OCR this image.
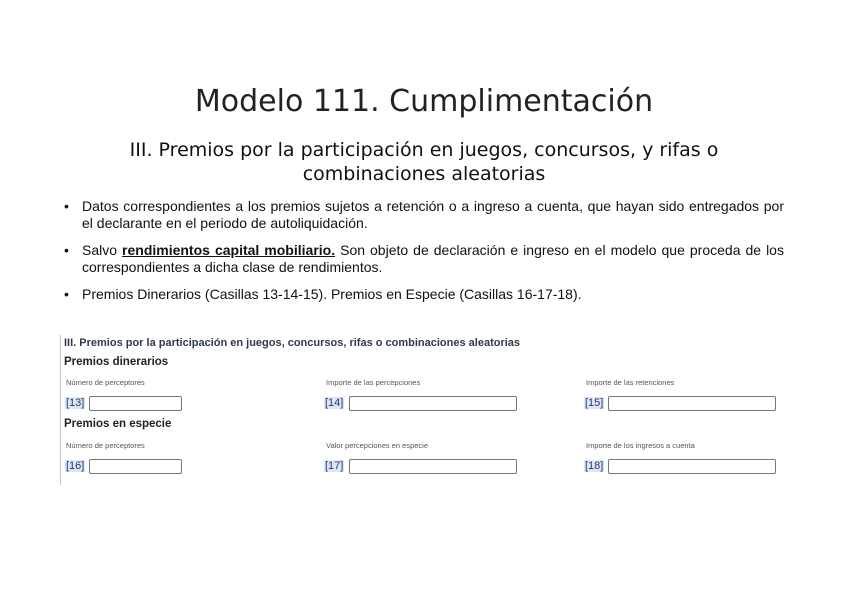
Modelo 111. Cumplimentación
III. Premios por la participación en juegos, concursos, y rifas o
combinaciones aleatorias
• Datos correspondientes a los premios sujetos a retención o a ingreso a cuenta, que hayan sido entregados por el declarante en el periodo de autoliquidación.
• Salvo rendimientos capital mobiliario. Son objeto de declaración e ingreso en el modelo que proceda de los correspondientes a dicha clase de rendimientos.
• Premios Dinerarios (Casillas 13-14-15). Premios en Especie (Casillas 16-17-18).
III. Premios por la participación en juegos, concursos, rifas o combinaciones aleatorias
Premios dinerarios
Número de perceptores
[13]
Importe de las percepciones
[14]
Importe de las retenciones
[15]
Premios en especie
Número de perceptores
[16]
Valor percepciones en especie
[17]
Importe de los ingresos a cuenta
[18]
